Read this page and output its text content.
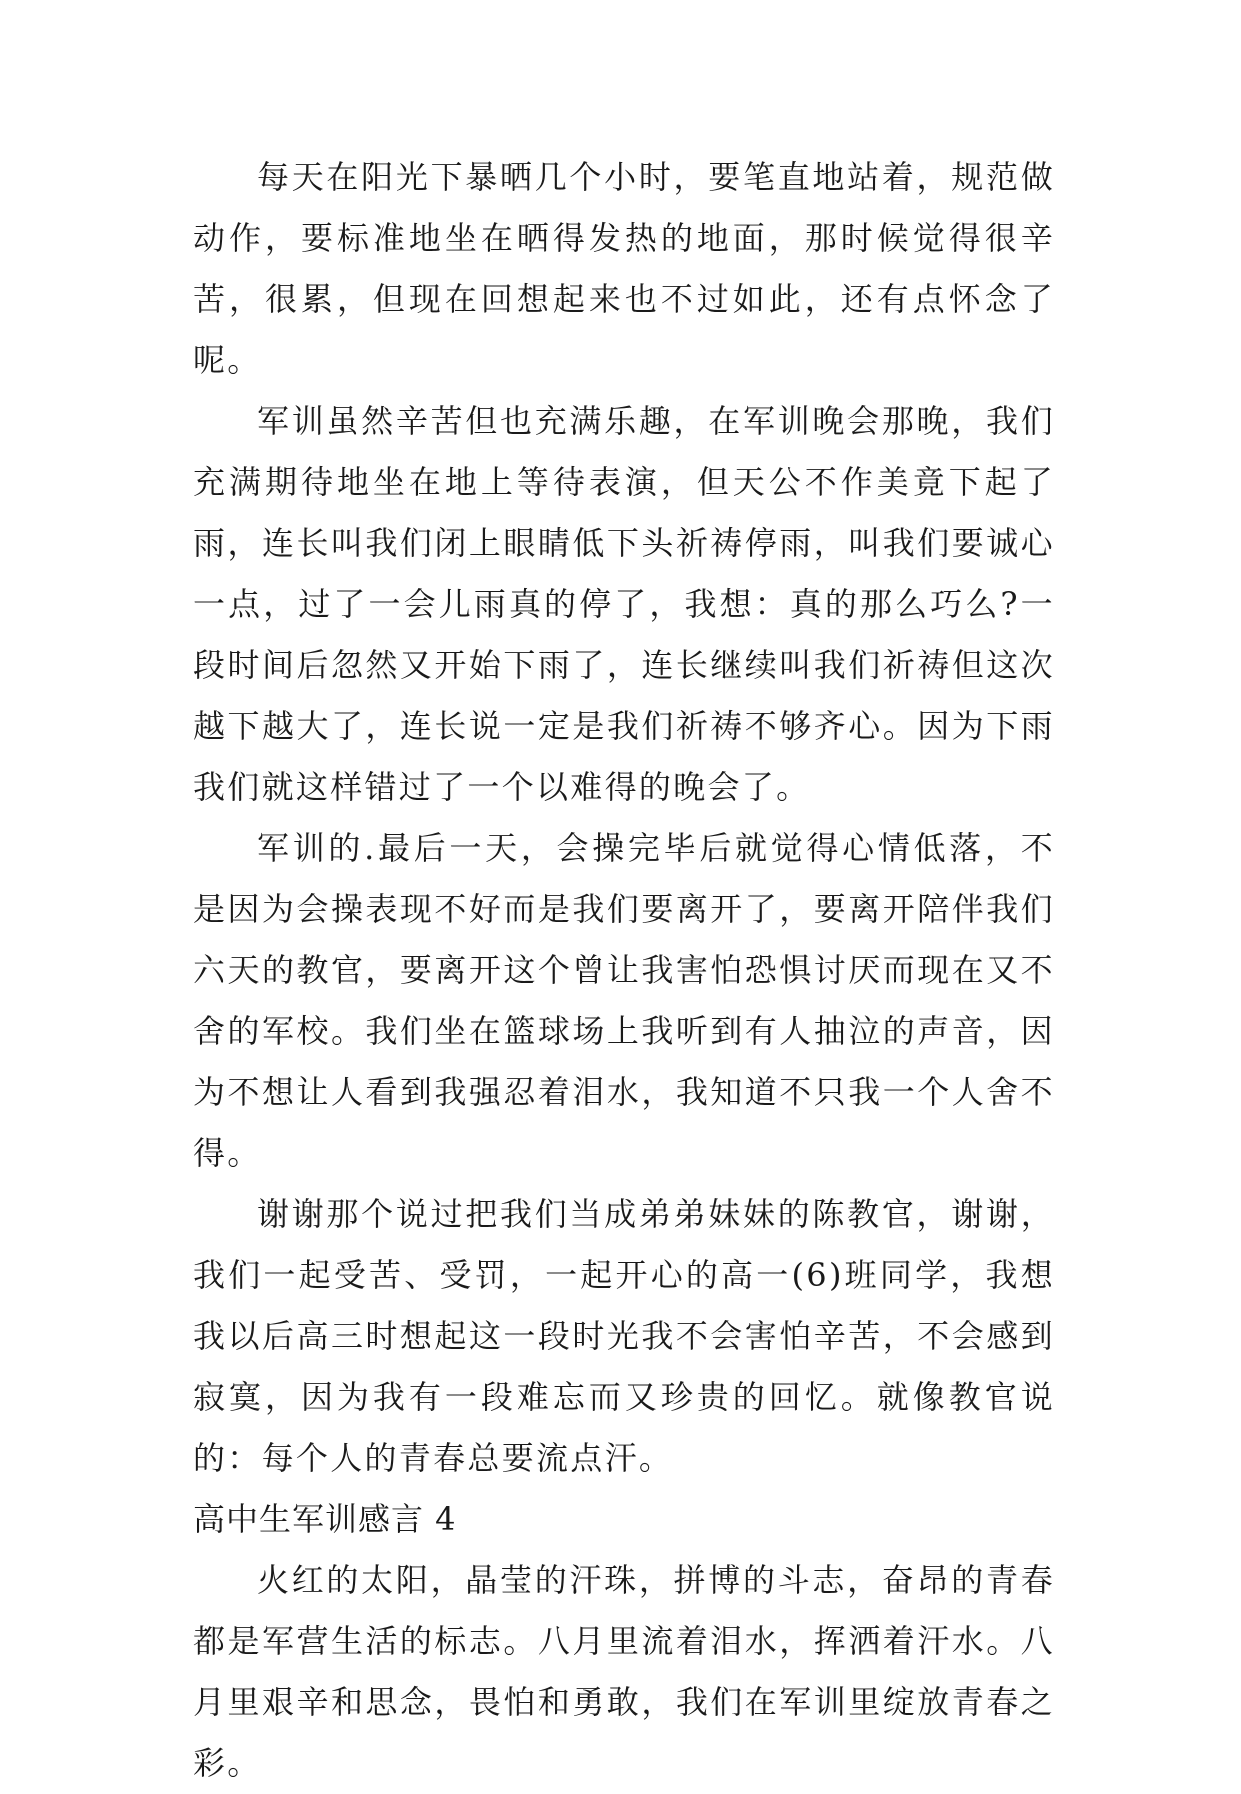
每天在阳光下暴晒几个小时，要笔直地站着，规范做动作，要标准地坐在晒得发热的地面，那时候觉得很辛苦，很累，但现在回想起来也不过如此，还有点怀念了呢。

军训虽然辛苦但也充满乐趣，在军训晚会那晚，我们充满期待地坐在地上等待表演，但天公不作美竟下起了雨，连长叫我们闭上眼睛低下头祈祷停雨，叫我们要诚心一点，过了一会儿雨真的停了，我想：真的那么巧么?一段时间后忽然又开始下雨了，连长继续叫我们祈祷但这次越下越大了，连长说一定是我们祈祷不够齐心。因为下雨我们就这样错过了一个以难得的晚会了。

军训的.最后一天，会操完毕后就觉得心情低落，不是因为会操表现不好而是我们要离开了，要离开陪伴我们六天的教官，要离开这个曾让我害怕恐惧讨厌而现在又不舍的军校。我们坐在篮球场上我听到有人抽泣的声音，因为不想让人看到我强忍着泪水，我知道不只我一个人舍不得。

谢谢那个说过把我们当成弟弟妹妹的陈教官，谢谢，我们一起受苦、受罚，一起开心的高一(6)班同学，我想我以后高三时想起这一段时光我不会害怕辛苦，不会感到寂寞，因为我有一段难忘而又珍贵的回忆。就像教官说的：每个人的青春总要流点汗。

高中生军训感言 4

火红的太阳，晶莹的汗珠，拼博的斗志，奋昂的青春都是军营生活的标志。八月里流着泪水，挥洒着汗水。八月里艰辛和思念，畏怕和勇敢，我们在军训里绽放青春之彩。
